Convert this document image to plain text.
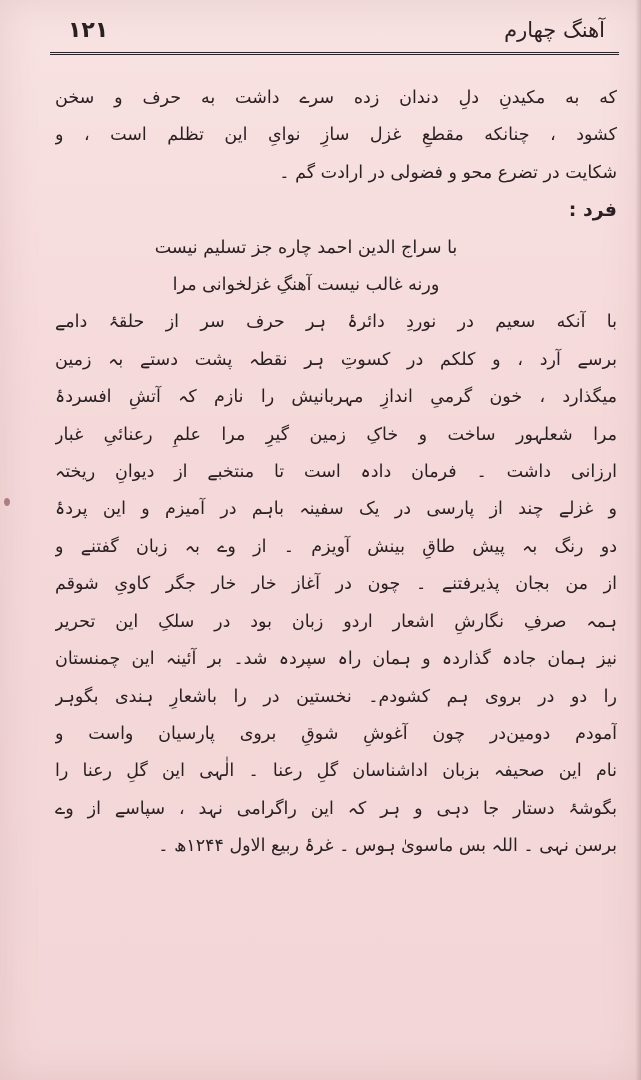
۱۲۱	آهنگ چهارم
که به مکیدنِ دلِ دندان زده سرے داشت به حرف و سخن
کشود ، چنانکه مقطعِ غزل سازِ نوایِ این تظلم است ، و
شکایت در تضرع محو و فضولی در ارادت گم ۔
فرد :
با سراج الدین احمد چاره جز تسلیم نیست
ورنه غالب نیست آهنگِ غزلخوانی مرا
با آنکه سعیم در نوردِ دائرۂ ہر حرف سر از حلقۂ دامے
برسے آرد ، و کلکم در کسوتِ ہر نقطہ پشت دستے بہ زمین
میگذارد ، خون گرمیِ اندازِ مہربانیش را نازم کہ آتشِ افسردۂ
مرا شعلہور ساخت و خاکِ زمین گیرِ مرا علمِ رعنائیِ غبار
ارزانی داشت ۔ فرمان دادہ است تا منتخبے از دیوانِ ریختہ
و غزلے چند از پارسی در یک سفینہ باہم در آمیزم و این پردۂ
دو رنگ بہ پیش طاقِ بینش آویزم ۔ از وے بہ زبان گفتنے و
از من بجان پذیرفتنے ۔ چون در آغاز خار خار جگر کاویِ شوقم
ہمہ صرفِ نگارشِ اشعار اردو زبان بود در سلکِ این تحریر
نیز ہمان جادہ گذاردہ و ہمان راہ سپردہ شد۔ بر آئینہ این چمنستان
را دو در بروی ہم کشودم۔ نخستین در را باشعارِ ہندی بگوہر
آمودم دومین‌در چون آغوشِ شوقِ بروی پارسیان واست و
نام این صحیفہ بزبان اداشناسان گلِ رعنا ۔ الٰہی این گلِ رعنا را
بگوشۂ دستار جا دہی و ہر کہ این راگرامی نہد ، سپاسے از وے
برسن نہی ۔ اللہ بس ماسویٰ ہوس ۔ غرۂ ربیع الاول ۱۲۴۴ھ ۔
